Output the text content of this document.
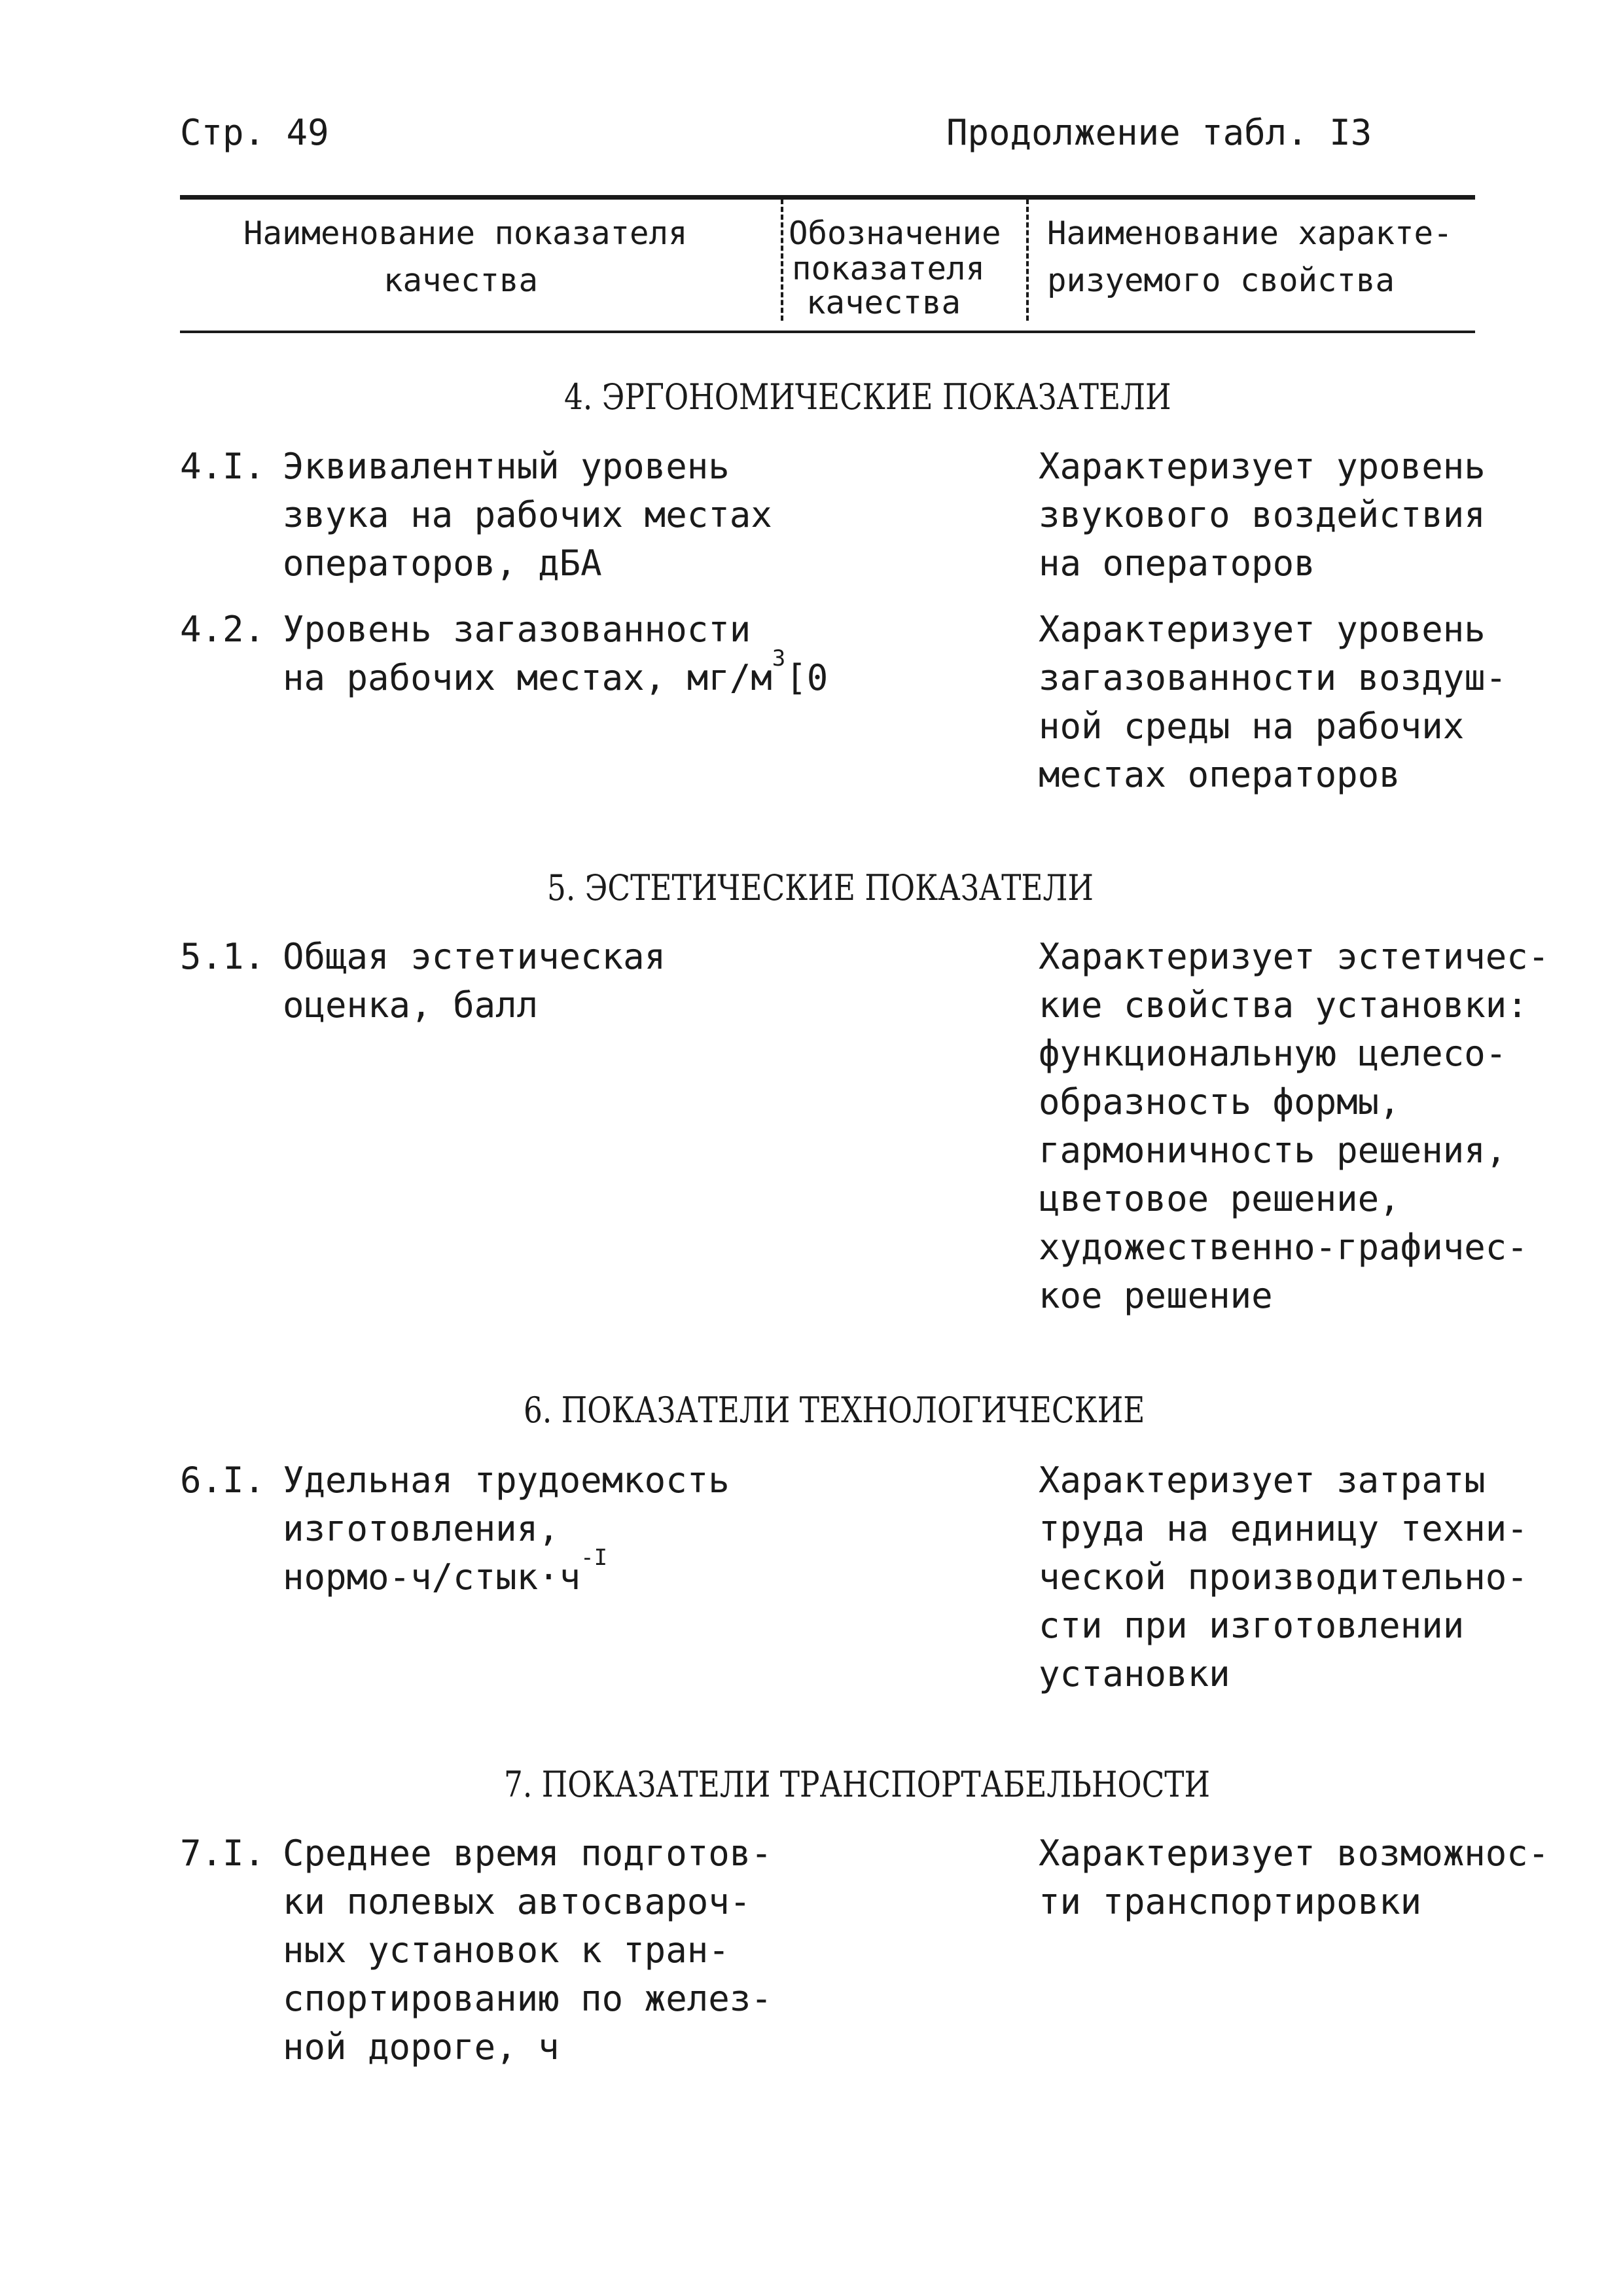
Стр. 49	Продолжение табл. I3
Наименование показателя
качества
Обозначение
показателя
качества
Наименование характе-
ризуемого свойства
4. ЭРГОНОМИЧЕСКИЕ ПОКАЗАТЕЛИ
4.I. Эквивалентный уровень
звука на рабочих местах
операторов, дБА
Характеризует уровень
звукового воздействия
на операторов
4.2. Уровень загазованности
на рабочих местах, $мг/м^3[0$
Характеризует уровень
загазованности воздуш-
ной среды на рабочих
местах операторов
5. ЭСТЕТИЧЕСКИЕ ПОКАЗАТЕЛИ
5.1. Общая эстетическая
оценка, балл
Характеризует эстетичес-
кие свойства установки:
функциональную целесо-
образность формы,
гармоничность решения,
цветовое решение,
художественно-графичес-
кое решение
6. ПОКАЗАТЕЛИ ТЕХНОЛОГИЧЕСКИЕ
6.I. Удельная трудоемкость
изготовления,
нормо-$ч/стык\cdot ч^{-I}$
Характеризует затраты
труда на единицу техни-
ческой производительно-
сти при изготовлении
установки
7. ПОКАЗАТЕЛИ ТРАНСПОРТАБЕЛЬНОСТИ
7.I. Среднее время подготов-
ки полевых автосвароч-
ных установок к тран-
спортированию по желез-
ной дороге, ч
Характеризует возможнос-
ти транспортировки
